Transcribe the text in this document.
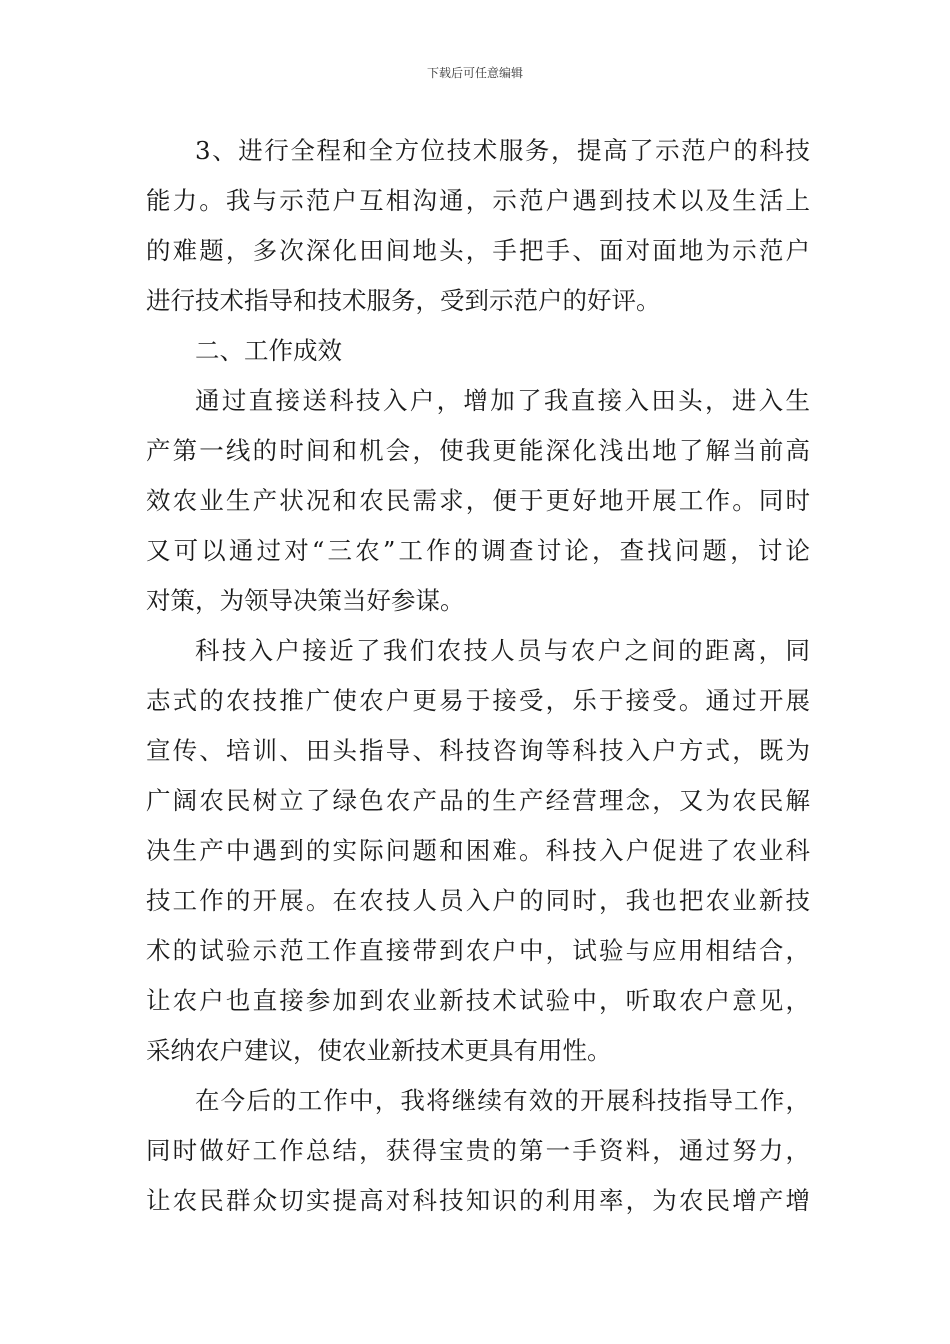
下载后可任意编辑
3、进行全程和全方位技术服务，提高了示范户的科技
能力。我与示范户互相沟通，示范户遇到技术以及生活上
的难题，多次深化田间地头，手把手、面对面地为示范户
进行技术指导和技术服务，受到示范户的好评。
二、工作成效
通过直接送科技入户，增加了我直接入田头，进入生
产第一线的时间和机会，使我更能深化浅出地了解当前高
效农业生产状况和农民需求，便于更好地开展工作。同时
又可以通过对“三农”工作的调查讨论，查找问题，讨论
对策，为领导决策当好参谋。
科技入户接近了我们农技人员与农户之间的距离，同
志式的农技推广使农户更易于接受，乐于接受。通过开展
宣传、培训、田头指导、科技咨询等科技入户方式，既为
广阔农民树立了绿色农产品的生产经营理念，又为农民解
决生产中遇到的实际问题和困难。科技入户促进了农业科
技工作的开展。在农技人员入户的同时，我也把农业新技
术的试验示范工作直接带到农户中，试验与应用相结合，
让农户也直接参加到农业新技术试验中，听取农户意见，
采纳农户建议，使农业新技术更具有用性。
在今后的工作中，我将继续有效的开展科技指导工作，
同时做好工作总结，获得宝贵的第一手资料，通过努力，
让农民群众切实提高对科技知识的利用率，为农民增产增
